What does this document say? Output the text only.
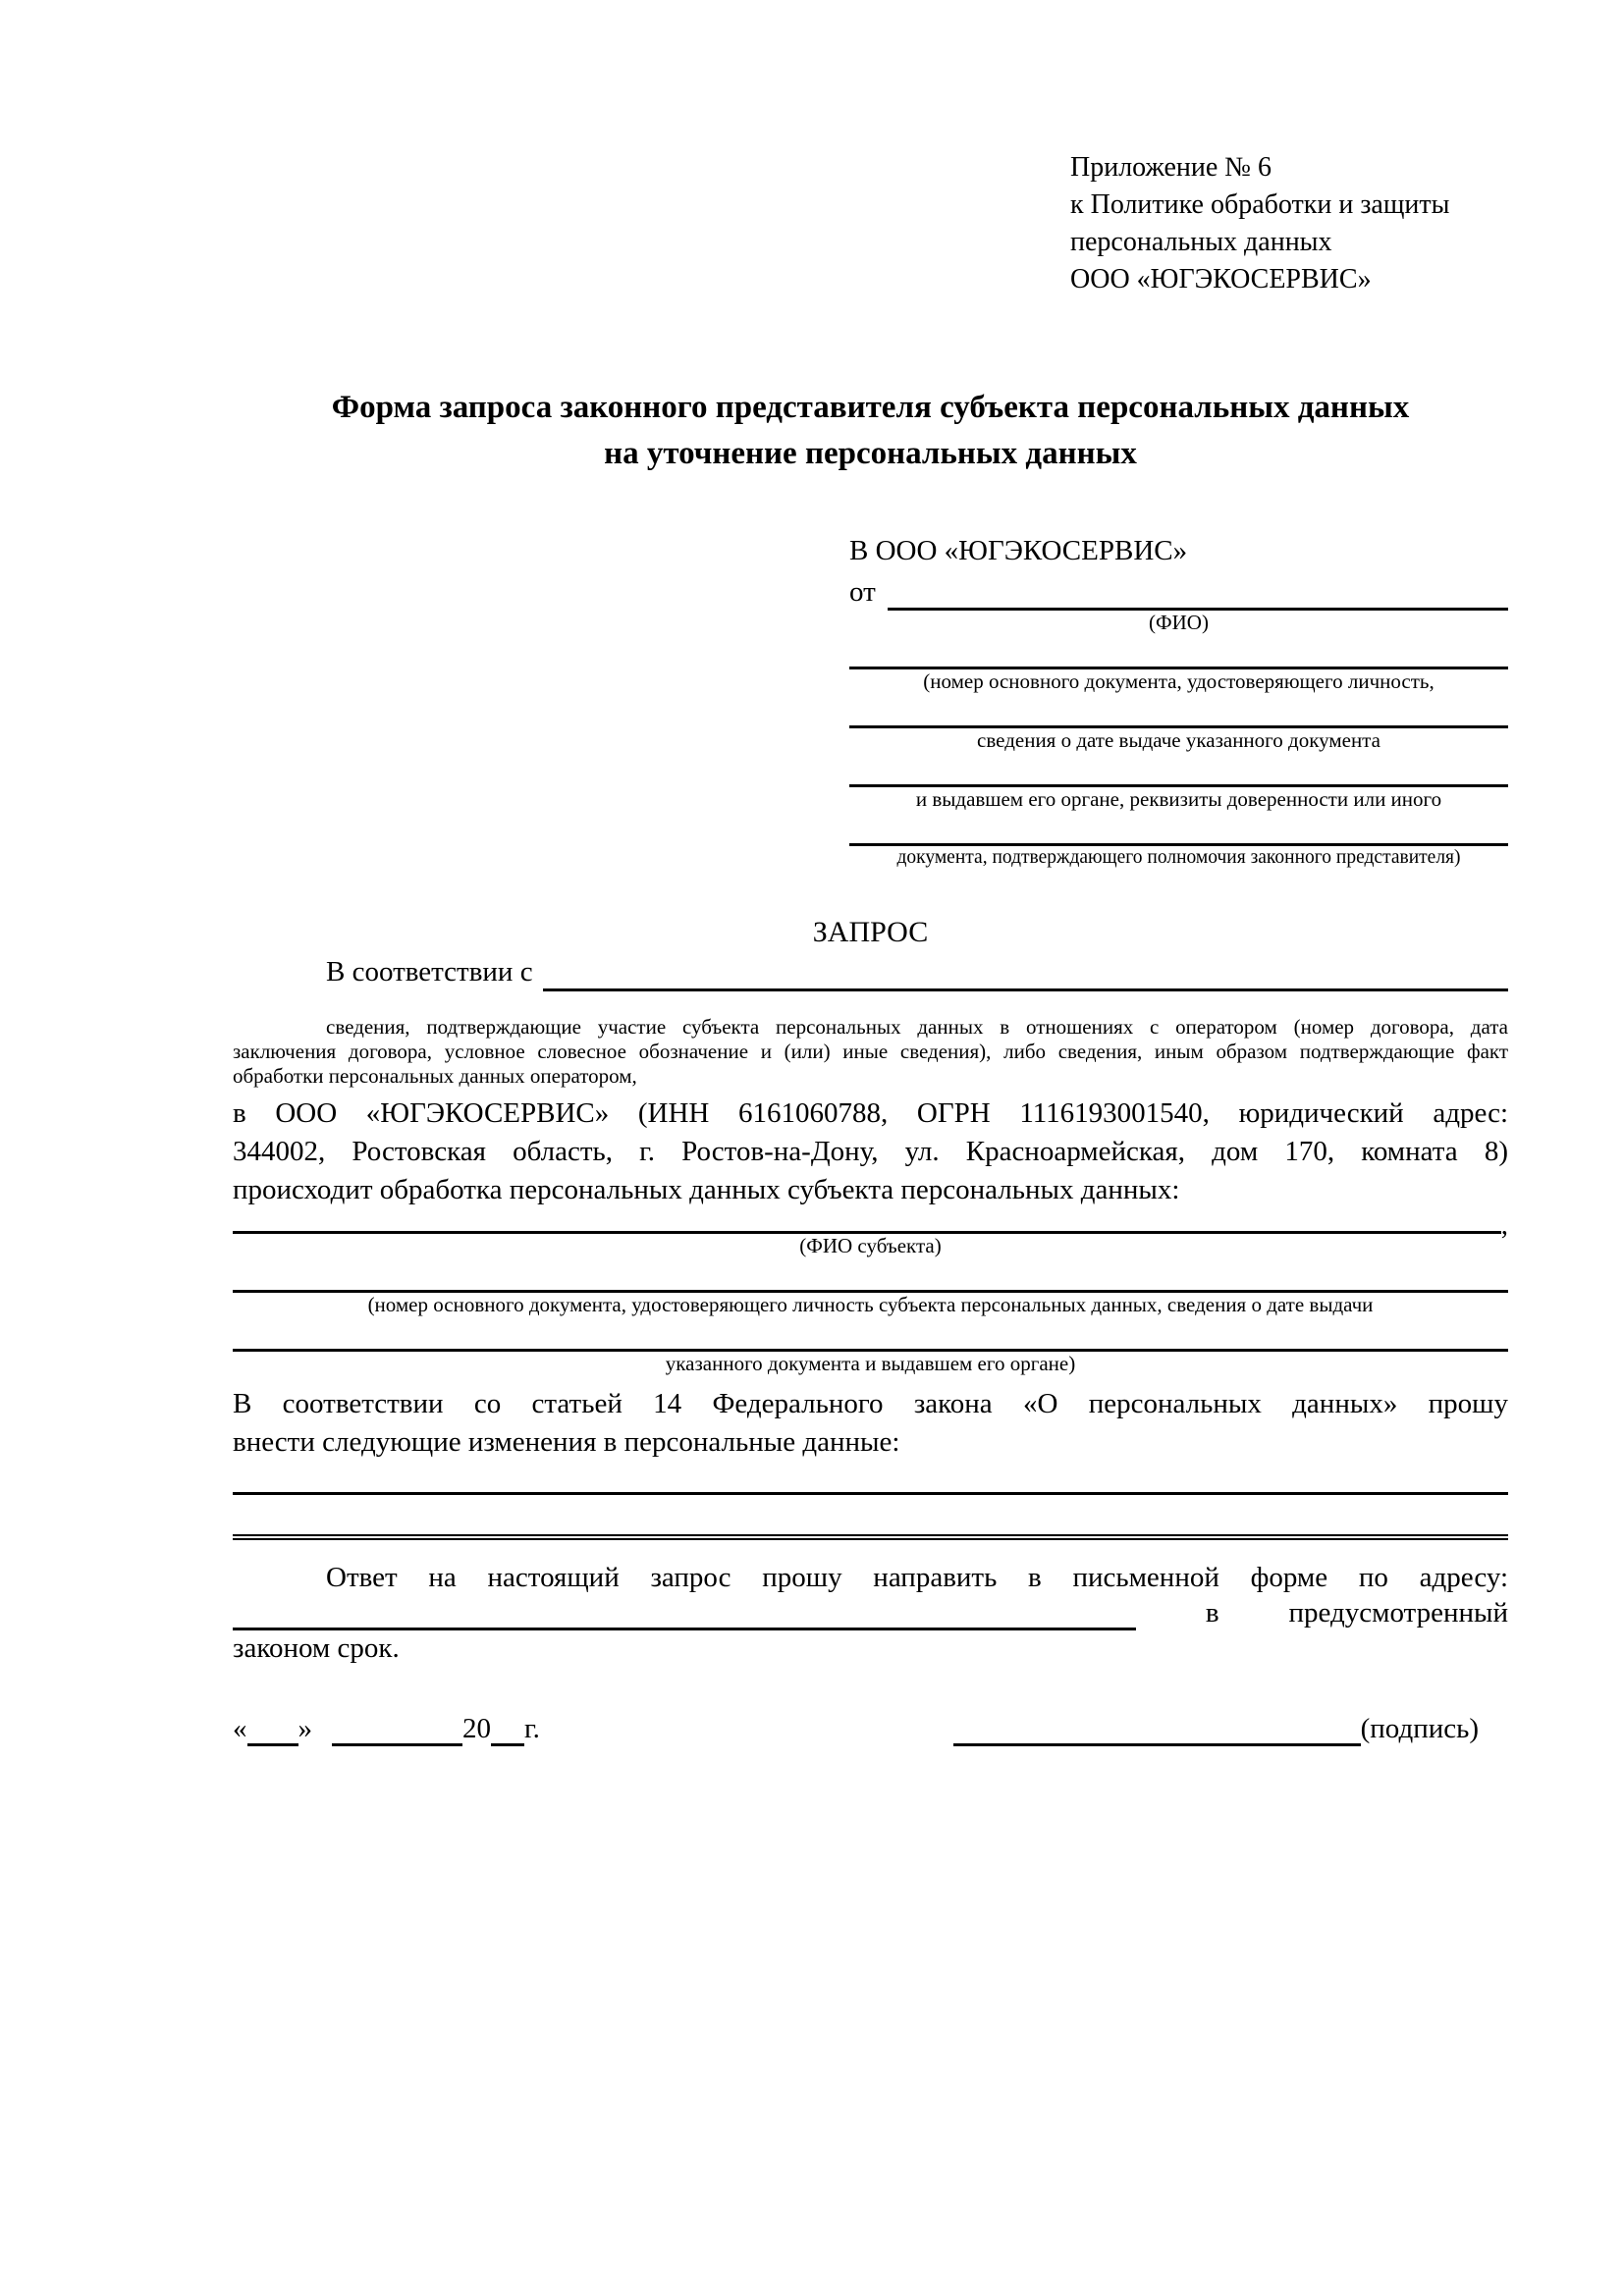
Приложение № 6
к Политике обработки и защиты
персональных данных
ООО «ЮГЭКОСЕРВИС»
Форма запроса законного представителя субъекта персональных данных
на уточнение персональных данных
В ООО «ЮГЭКОСЕРВИС»
от
(ФИО)
(номер основного документа, удостоверяющего личность,
сведения о дате выдаче указанного документа
и выдавшем его органе, реквизиты доверенности или иного
документа, подтверждающего полномочия законного представителя)
ЗАПРОС
В соответствии с
сведения, подтверждающие участие субъекта персональных данных в отношениях с оператором (номер договора, дата
заключения договора, условное словесное обозначение и (или) иные сведения), либо сведения, иным образом подтверждающие факт
обработки персональных данных оператором,
в ООО «ЮГЭКОСЕРВИС» (ИНН 6161060788, ОГРН 1116193001540, юридический адрес:
344002, Ростовская область, г. Ростов-на-Дону, ул. Красноармейская, дом 170, комната 8)
происходит обработка персональных данных субъекта персональных данных:
,
(ФИО субъекта)
(номер основного документа, удостоверяющего личность субъекта персональных данных, сведения о дате выдачи
указанного документа и выдавшем его органе)
В соответствии со статьей 14 Федерального закона «О персональных данных» прошу
внести следующие изменения в персональные данные:
Ответ на настоящий запрос прошу направить в письменной форме по адресу:
в предусмотренный
законом срок.
« »	20 г.	(подпись)
